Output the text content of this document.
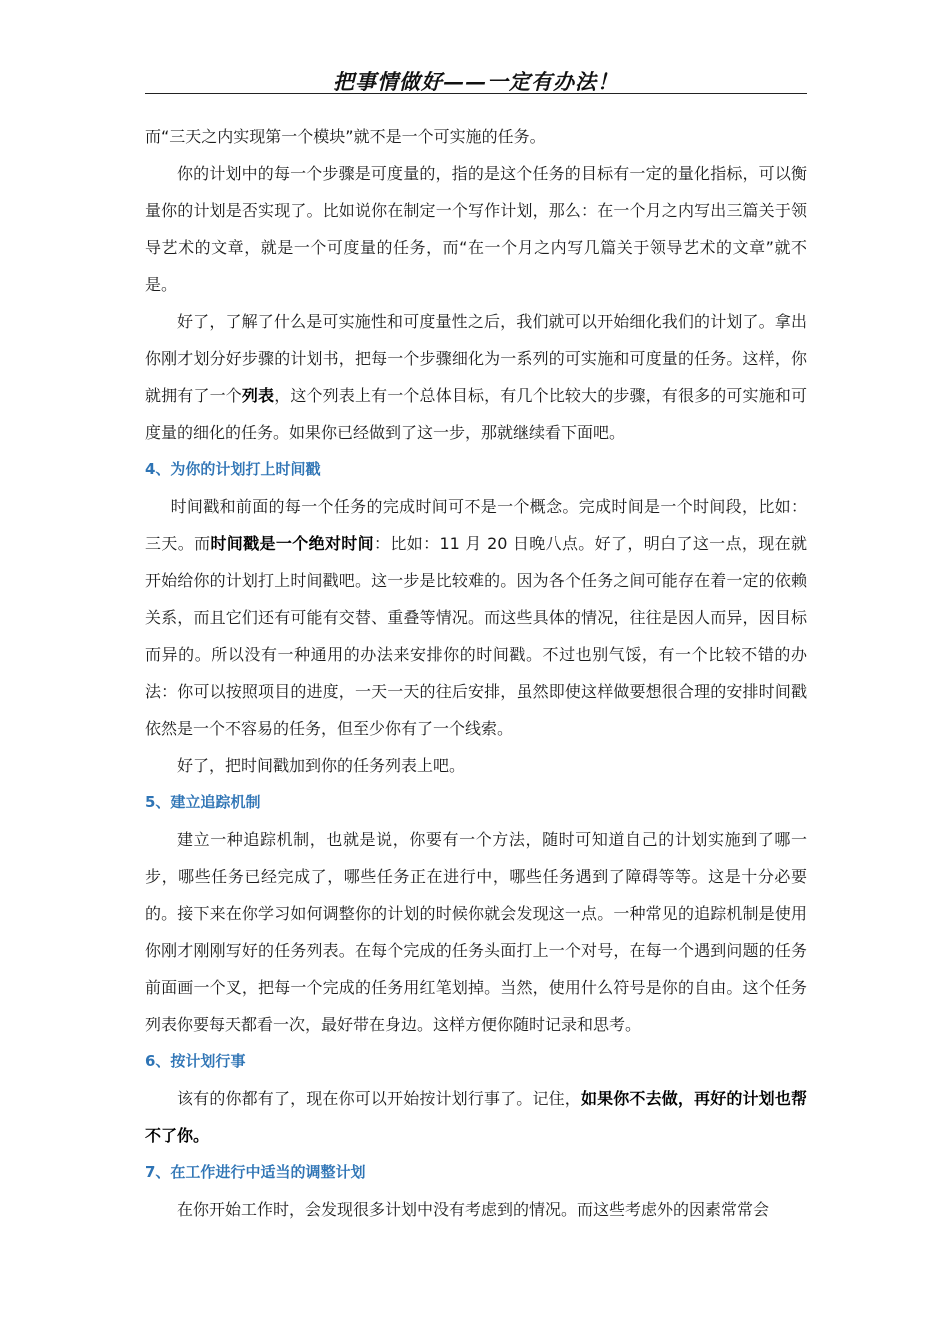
把事情做好——一定有办法！

而“三天之内实现第一个模块”就不是一个可实施的任务。

你的计划中的每一个步骤是可度量的，指的是这个任务的目标有一定的量化指标，可以衡量你的计划是否实现了。比如说你在制定一个写作计划，那么：在一个月之内写出三篇关于领导艺术的文章，就是一个可度量的任务，而“在一个月之内写几篇关于领导艺术的文章”就不是。

好了，了解了什么是可实施性和可度量性之后，我们就可以开始细化我们的计划了。拿出你刚才划分好步骤的计划书，把每一个步骤细化为一系列的可实施和可度量的任务。这样，你就拥有了一个列表，这个列表上有一个总体目标，有几个比较大的步骤，有很多的可实施和可度量的细化的任务。如果你已经做到了这一步，那就继续看下面吧。

4、为你的计划打上时间戳

时间戳和前面的每一个任务的完成时间可不是一个概念。完成时间是一个时间段，比如：三天。而时间戳是一个绝对时间：比如：11 月 20 日晚八点。好了，明白了这一点，现在就开始给你的计划打上时间戳吧。这一步是比较难的。因为各个任务之间可能存在着一定的依赖关系，而且它们还有可能有交替、重叠等情况。而这些具体的情况，往往是因人而异，因目标而异的。所以没有一种通用的办法来安排你的时间戳。不过也别气馁，有一个比较不错的办法：你可以按照项目的进度，一天一天的往后安排，虽然即使这样做要想很合理的安排时间戳依然是一个不容易的任务，但至少你有了一个线索。

好了，把时间戳加到你的任务列表上吧。

5、建立追踪机制

建立一种追踪机制，也就是说，你要有一个方法，随时可知道自己的计划实施到了哪一步，哪些任务已经完成了，哪些任务正在进行中，哪些任务遇到了障碍等等。这是十分必要的。接下来在你学习如何调整你的计划的时候你就会发现这一点。一种常见的追踪机制是使用你刚才刚刚写好的任务列表。在每个完成的任务头面打上一个对号，在每一个遇到问题的任务前面画一个叉，把每一个完成的任务用红笔划掉。当然，使用什么符号是你的自由。这个任务列表你要每天都看一次，最好带在身边。这样方便你随时记录和思考。

6、按计划行事

该有的你都有了，现在你可以开始按计划行事了。记住，如果你不去做，再好的计划也帮不了你。

7、在工作进行中适当的调整计划

在你开始工作时，会发现很多计划中没有考虑到的情况。而这些考虑外的因素常常会
